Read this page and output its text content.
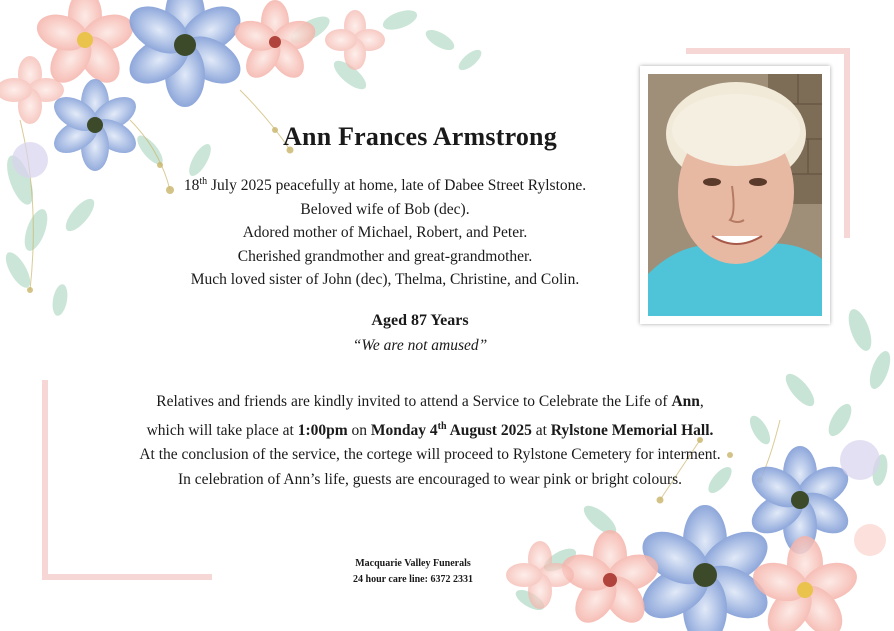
Ann Frances Armstrong
18th July 2025 peacefully at home, late of Dabee Street Rylstone.
Beloved wife of Bob (dec).
Adored mother of Michael, Robert, and Peter.
Cherished grandmother and great-grandmother.
Much loved sister of John (dec), Thelma, Christine, and Colin.
Aged 87 Years
“We are not amused”
Relatives and friends are kindly invited to attend a Service to Celebrate the Life of Ann,
which will take place at 1:00pm on Monday 4th August 2025 at Rylstone Memorial Hall.
At the conclusion of the service, the cortege will proceed to Rylstone Cemetery for interment.
In celebration of Ann’s life, guests are encouraged to wear pink or bright colours.
Macquarie Valley Funerals
24 hour care line: 6372 2331
